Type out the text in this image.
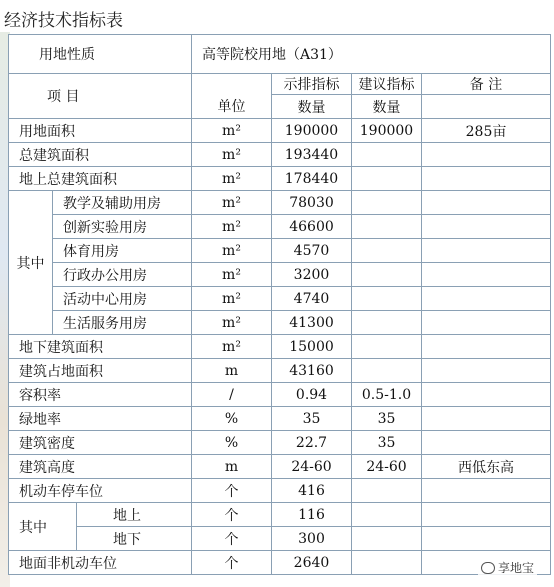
经济技术指标表
用地性质			高等院校用地（A31）			
项 目				示排指标	建议指标	备 注
			单位	数量	数量	
用地面积			m²	190000	190000	285亩
总建筑面积			m²	193440		
地上总建筑面积			m²	178440		
其中	教学及辅助用房		m²	78030		
	创新实验用房		m²	46600		
	体育用房		m²	4570		
	行政办公用房		m²	3200		
	活动中心用房		m²	4740		
	生活服务用房		m²	41300		
地下建筑面积			m²	15000		
建筑占地面积			m	43160		
容积率			/	0.94	0.5-1.0	
绿地率			%	35	35	
建筑密度			%	22.7	35	
建筑高度			m	24-60	24-60	西低东高
机动车停车位			个	416		
其中		地上	个	116		
		地下	个	300		
地面非机动车位			个	2640			享地宝
